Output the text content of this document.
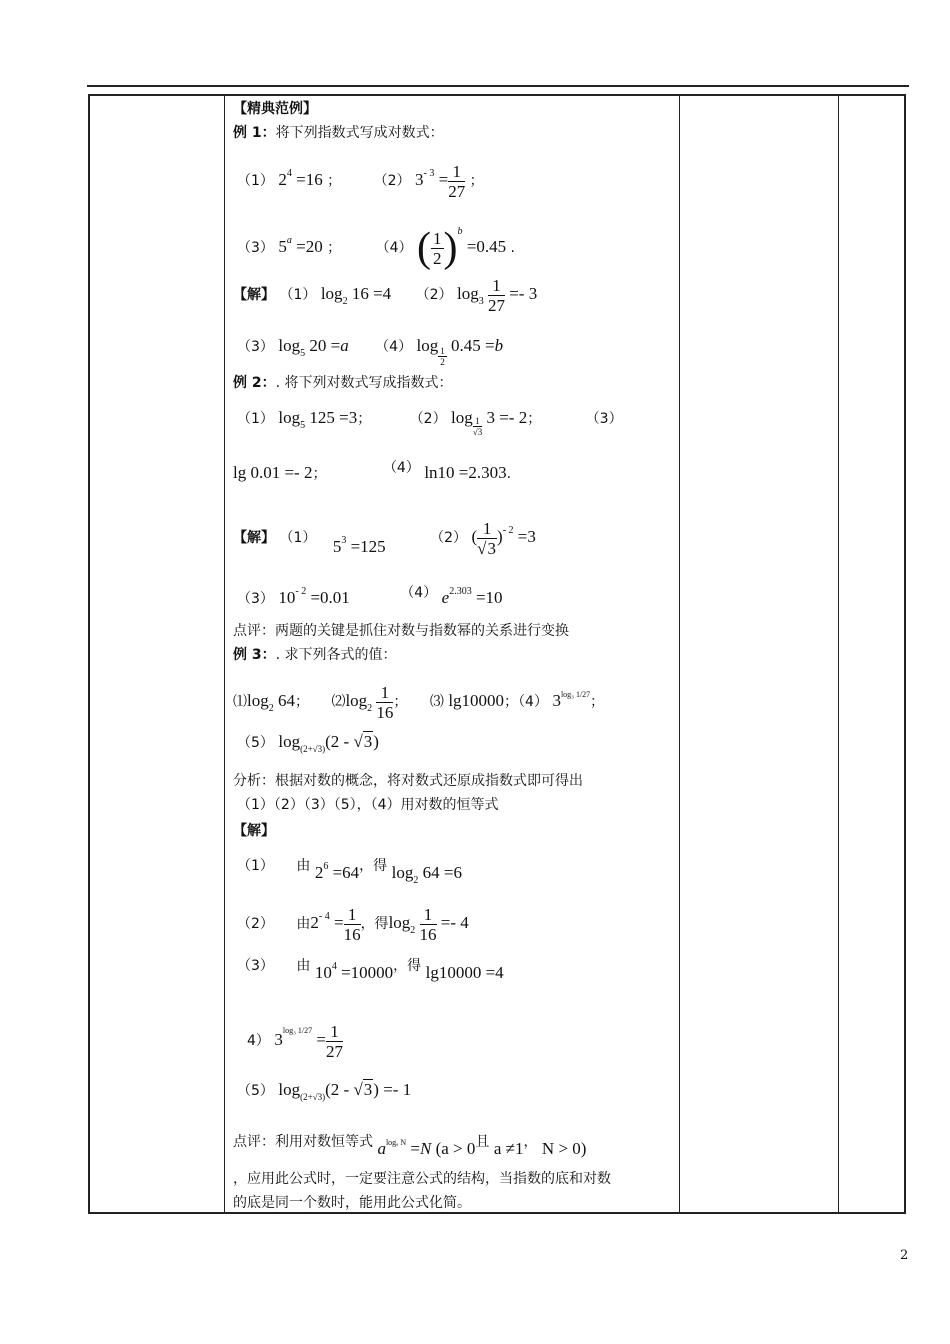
【精典范例】
例 1：将下列指数式写成对数式：
（1） $2^4 =16$ ； （2） $3^{- 3} = \frac{1}{27}$ ；
（3） $5^a =20$ ； （4） ( $\frac{1}{2} )^b =0.45$ .
【解】 （1） $\log_2 16 =4$ （2） $\log_3 \frac{1}{27} =- 3$
（3） $\log_5 20 =a$ （4） log
$\frac{1}{2}$
0.45 =b
例 2：. 将下列对数式写成指数式：
（1） $\log_5 125 =3$；	（2） $\log \frac{1}{√3} 3 =- 2$；	（3）
lg 0.01 =- 2；	（4） ln10 =2.303.
【解】 （1） $5^3 =125$	（2） ( $\frac{1}{√3} )^{- 2} =3$
（3） $10^{- 2} =0.01$	（4） $e^{2.303} =10$
点评：两题的关键是抓住对数与指数幂的关系进行变换
例 3：. 求下列各式的值：
$⑴\log_2$ 64； $⑵\log_2 \frac{1}{16}$ ； ⑶ lg10000；（4） $3^{log_3 1/27}$；
（5） $\log_{(2+√3)}(2 - √3)$
分析：根据对数的概念，将对数式还原成指数式即可得出
（1）（2）（3）（5），（4）用对数的恒等式
【解】
（1） 由 $2^6 =64$，得 $\log_2 64 =6$
（2） 由$2^{- 4} = \frac{1}{16}$ ，得$\log_2 \frac{1}{16} =- 4$
（3） 由 $10^4 =10000$，得 lg10000 =4
4） $3^{log_3 1/27} = \frac{1}{27}$
（5） $\log_{(2+√3)}(2 - √3) =- 1$
点评：利用对数恒等式 $a^{log_a N} =N$ (a > 0且 a ≠1， N > 0)
，应用此公式时，一定要注意公式的结构，当指数的底和对数
的底是同一个数时，能用此公式化简。
2
